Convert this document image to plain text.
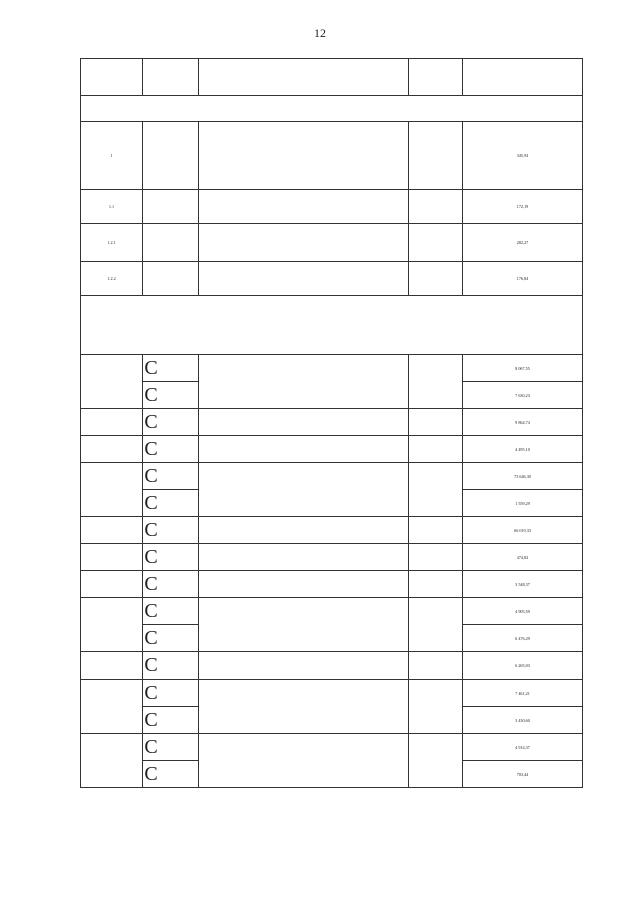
12

1				345,94
1.1				172,19
1.2.1				282,27
1.2.2				176,84

	C			8 067,55

	C			7 630,23

	C			9 864,74

	C			4 495,10

	C			73 646,30

	C			1 559,29

	C			66 019,33

	C			474,82

	C			3 548,37

	C			4 905,59

	C			6 476,29

	C			6 265,03

	C			7 461,21

	C			3 430,60

	C			4 914,37

	C			703,44
